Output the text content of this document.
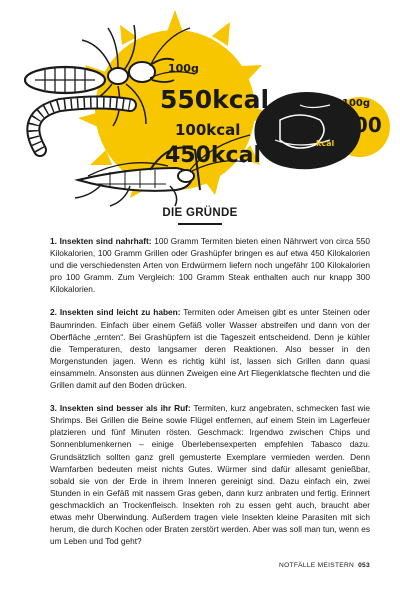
100g
550kcal
100kcal
450kcal
100g
300
kcal
DIE GRÜNDE

1. Insekten sind nahrhaft: 100 Gramm Termiten bieten einen Nährwert von circa 550 Kilokalorien, 100 Gramm Grillen oder Grashüpfer bringen es auf etwa 450 Kilokalorien und die verschiedensten Arten von Erdwürmern liefern noch ungefähr 100 Kilokalorien pro 100 Gramm. Zum Vergleich: 100 Gramm Steak enthalten auch nur knapp 300 Kilokalorien.

2. Insekten sind leicht zu haben: Termiten oder Ameisen gibt es unter Steinen oder Baumrinden. Einfach über einem Gefäß voller Wasser abstreifen und dann von der Oberfläche „ernten“. Bei Grashüpfern ist die Tageszeit entscheidend. Denn je kühler die Temperaturen, desto langsamer deren Reaktionen. Also besser in den Morgenstunden jagen. Wenn es richtig kühl ist, lassen sich Grillen dann quasi einsammeln. Ansonsten aus dünnen Zweigen eine Art Fliegenklatsche flechten und die Grillen damit auf den Boden drücken.

3. Insekten sind besser als ihr Ruf: Termiten, kurz angebraten, schmecken fast wie Shrimps. Bei Grillen die Beine sowie Flügel entfernen, auf einem Stein im Lagerfeuer platzieren und fünf Minuten rösten. Geschmack: Irgendwo zwischen Chips und Sonnenblumenkernen – einige Überlebensexperten empfehlen Tabasco dazu. Grundsätzlich sollten ganz grell gemusterte Exemplare vermieden werden. Denn Warnfarben bedeuten meist nichts Gutes. Würmer sind dafür allesamt genießbar, sobald sie von der Erde in ihrem Inneren gereinigt sind. Dazu einfach ein, zwei Stunden in ein Gefäß mit nassem Gras geben, dann kurz anbraten und fertig. Erinnert geschmacklich an Trockenfleisch. Insekten roh zu essen geht auch, braucht aber etwas mehr Überwindung. Außerdem tragen viele Insekten kleine Parasiten mit sich herum, die durch Kochen oder Braten zerstört werden. Aber was soll man tun, wenn es um Leben und Tod geht?

NOTFÄLLE MEISTERN 053
